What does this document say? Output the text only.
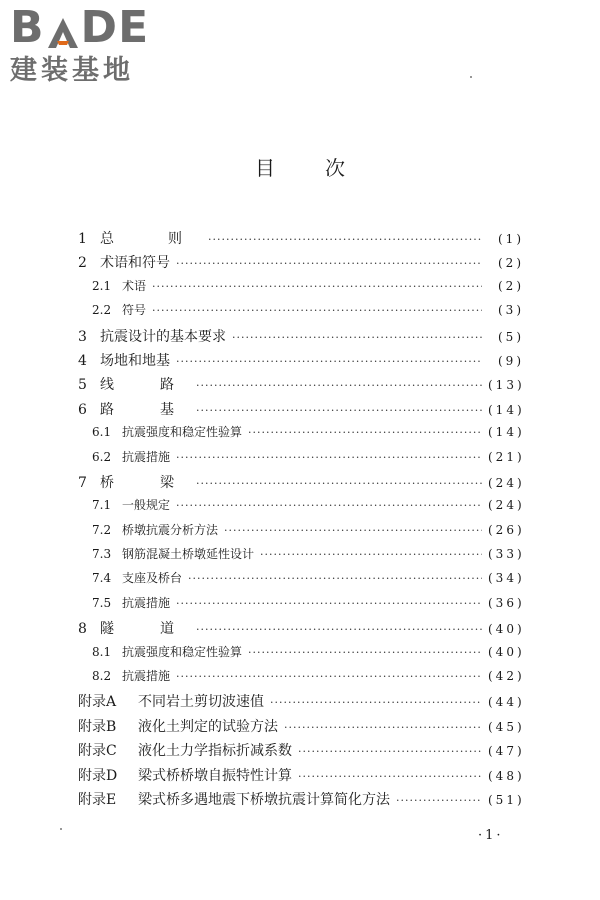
B DE
建装基地
目次
1 总　则 ·····	(1)
2 术语和符号 ·····	(2)
2.1 术语 ·····	(2)
2.2 符号 ·····	(3)
3 抗震设计的基本要求 ·····	(5)
4 场地和地基 ·····	(9)
5 线　路 ·····	(13)
6 路　基 ·····	(14)
6.1 抗震强度和稳定性验算 ·····	(14)
6.2 抗震措施 ·····	(21)
7 桥　梁 ·····	(24)
7.1 一般规定 ·····	(24)
7.2 桥墩抗震分析方法 ·····	(26)
7.3 钢筋混凝土桥墩延性设计 ·····	(33)
7.4 支座及桥台 ·····	(34)
7.5 抗震措施 ·····	(36)
8 隧　道 ·····	(40)
8.1 抗震强度和稳定性验算 ·····	(40)
8.2 抗震措施 ·····	(42)
附录A	不同岩土剪切波速值 ·····	(44)
附录B	液化土判定的试验方法 ·····	(45)
附录C	液化土力学指标折减系数 ·····	(47)
附录D	梁式桥桥墩自振特性计算 ·····	(48)
附录E	梁式桥多遇地震下桥墩抗震计算简化方法 ·····	(51)
·1·
